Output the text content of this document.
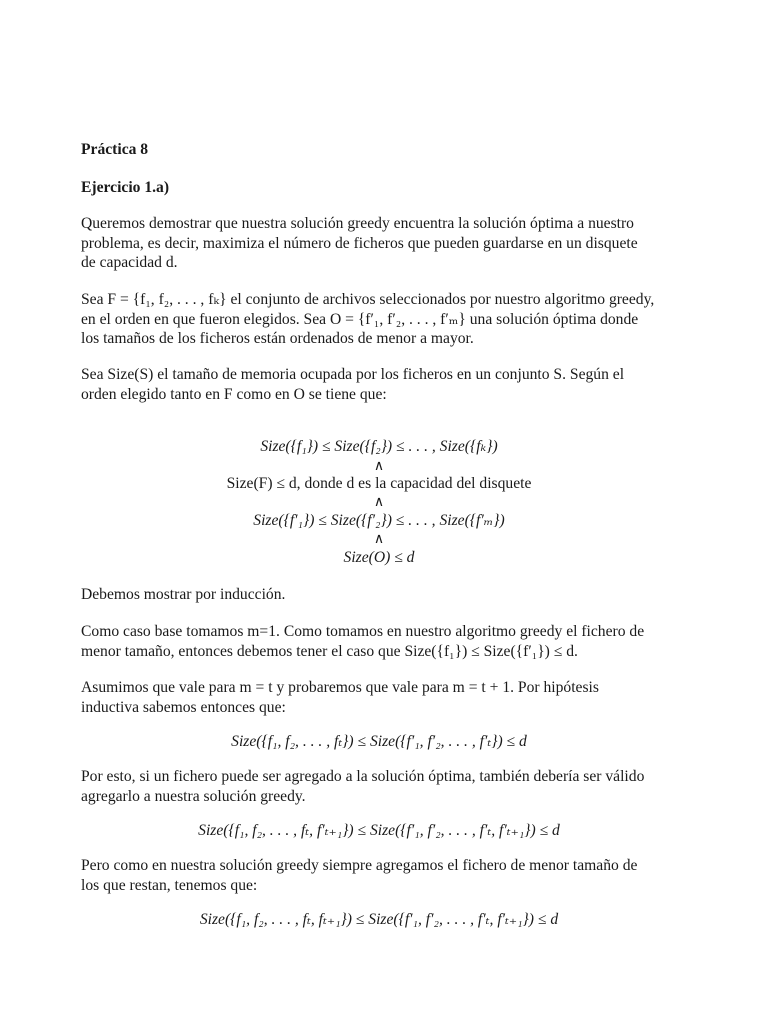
Práctica 8
Ejercicio 1.a)
Queremos demostrar que nuestra solución greedy encuentra la solución óptima a nuestro
problema, es decir, maximiza el número de ficheros que pueden guardarse en un disquete
de capacidad d.
Sea F = {f₁, f₂, . . . , fₖ} el conjunto de archivos seleccionados por nuestro algoritmo greedy,
en el orden en que fueron elegidos. Sea O = {f′₁, f′₂, . . . , f′ₘ} una solución óptima donde
los tamaños de los ficheros están ordenados de menor a mayor.
Sea Size(S) el tamaño de memoria ocupada por los ficheros en un conjunto S. Según el
orden elegido tanto en F como en O se tiene que:
Size({f₁}) ≤ Size({f₂}) ≤ . . . , Size({fₖ})
∧
Size(F) ≤ d, donde d es la capacidad del disquete
∧
Size({f′₁}) ≤ Size({f′₂}) ≤ . . . , Size({f′ₘ})
∧
Size(O) ≤ d
Debemos mostrar por inducción.
Como caso base tomamos m=1. Como tomamos en nuestro algoritmo greedy el fichero de
menor tamaño, entonces debemos tener el caso que Size({f₁}) ≤ Size({f′₁}) ≤ d.
Asumimos que vale para m = t y probaremos que vale para m = t + 1. Por hipótesis
inductiva sabemos entonces que:
Size({f₁, f₂, . . . , fₜ}) ≤ Size({f′₁, f′₂, . . . , f′ₜ}) ≤ d
Por esto, si un fichero puede ser agregado a la solución óptima, también debería ser válido
agregarlo a nuestra solución greedy.
Size({f₁, f₂, . . . , fₜ, f′ₜ₊₁}) ≤ Size({f′₁, f′₂, . . . , f′ₜ, f′ₜ₊₁}) ≤ d
Pero como en nuestra solución greedy siempre agregamos el fichero de menor tamaño de
los que restan, tenemos que:
Size({f₁, f₂, . . . , fₜ, fₜ₊₁}) ≤ Size({f′₁, f′₂, . . . , f′ₜ, f′ₜ₊₁}) ≤ d
